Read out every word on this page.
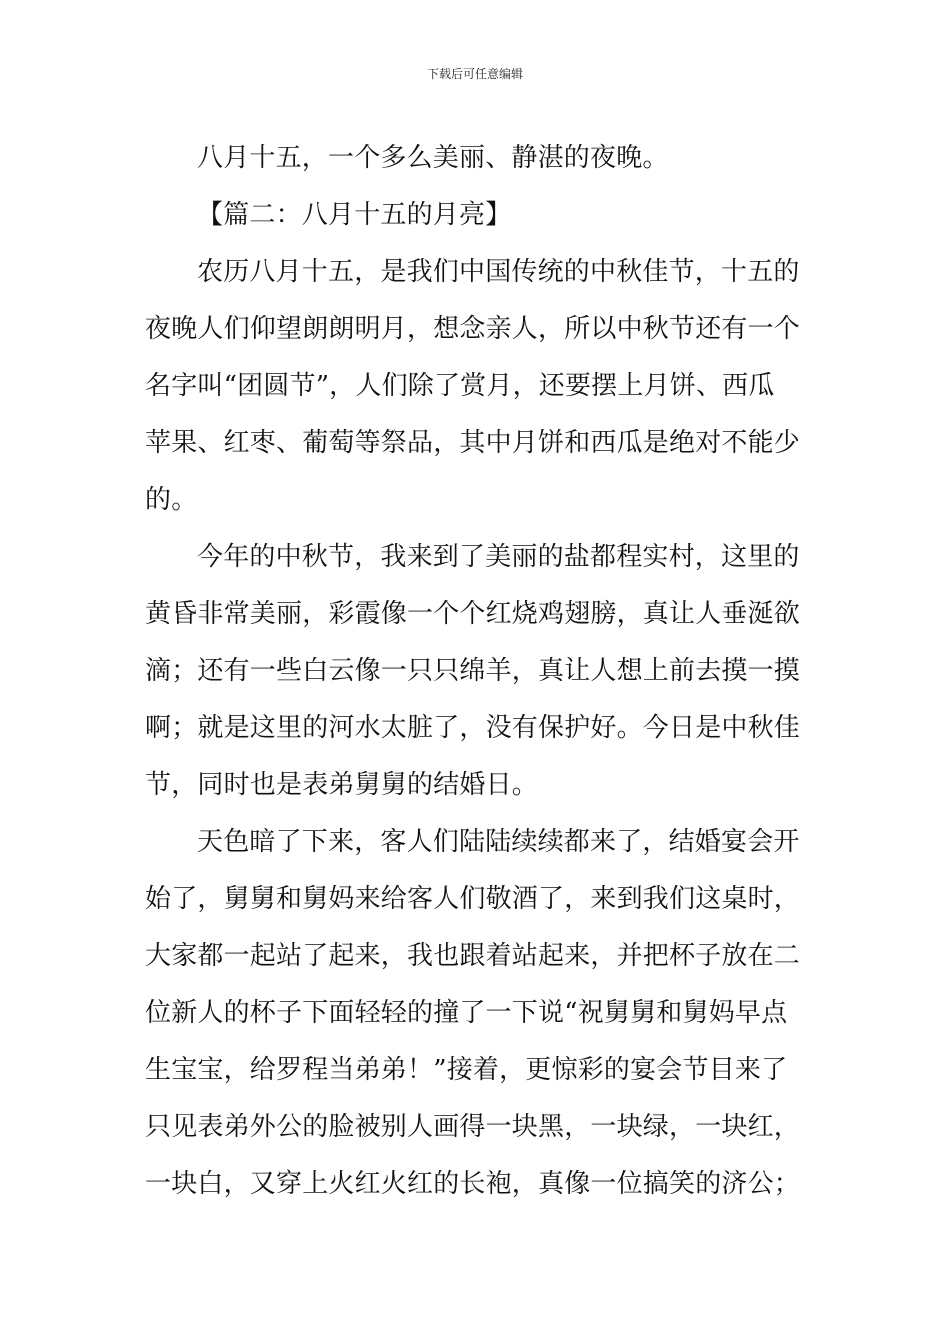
下载后可任意编辑
八月十五，一个多么美丽、静湛的夜晚。
【篇二：八月十五的月亮】
农历八月十五，是我们中国传统的中秋佳节，十五的
夜晚人们仰望朗朗明月，想念亲人，所以中秋节还有一个
名字叫“团圆节”，人们除了赏月，还要摆上月饼、西瓜
苹果、红枣、葡萄等祭品，其中月饼和西瓜是绝对不能少
的。
今年的中秋节，我来到了美丽的盐都程实村，这里的
黄昏非常美丽，彩霞像一个个红烧鸡翅膀，真让人垂涎欲
滴；还有一些白云像一只只绵羊，真让人想上前去摸一摸
啊；就是这里的河水太脏了，没有保护好。今日是中秋佳
节，同时也是表弟舅舅的结婚日。
天色暗了下来，客人们陆陆续续都来了，结婚宴会开
始了，舅舅和舅妈来给客人们敬酒了，来到我们这桌时，
大家都一起站了起来，我也跟着站起来，并把杯子放在二
位新人的杯子下面轻轻的撞了一下说“祝舅舅和舅妈早点
生宝宝，给罗程当弟弟！”接着，更惊彩的宴会节目来了
只见表弟外公的脸被别人画得一块黑，一块绿，一块红，
一块白，又穿上火红火红的长袍，真像一位搞笑的济公；
